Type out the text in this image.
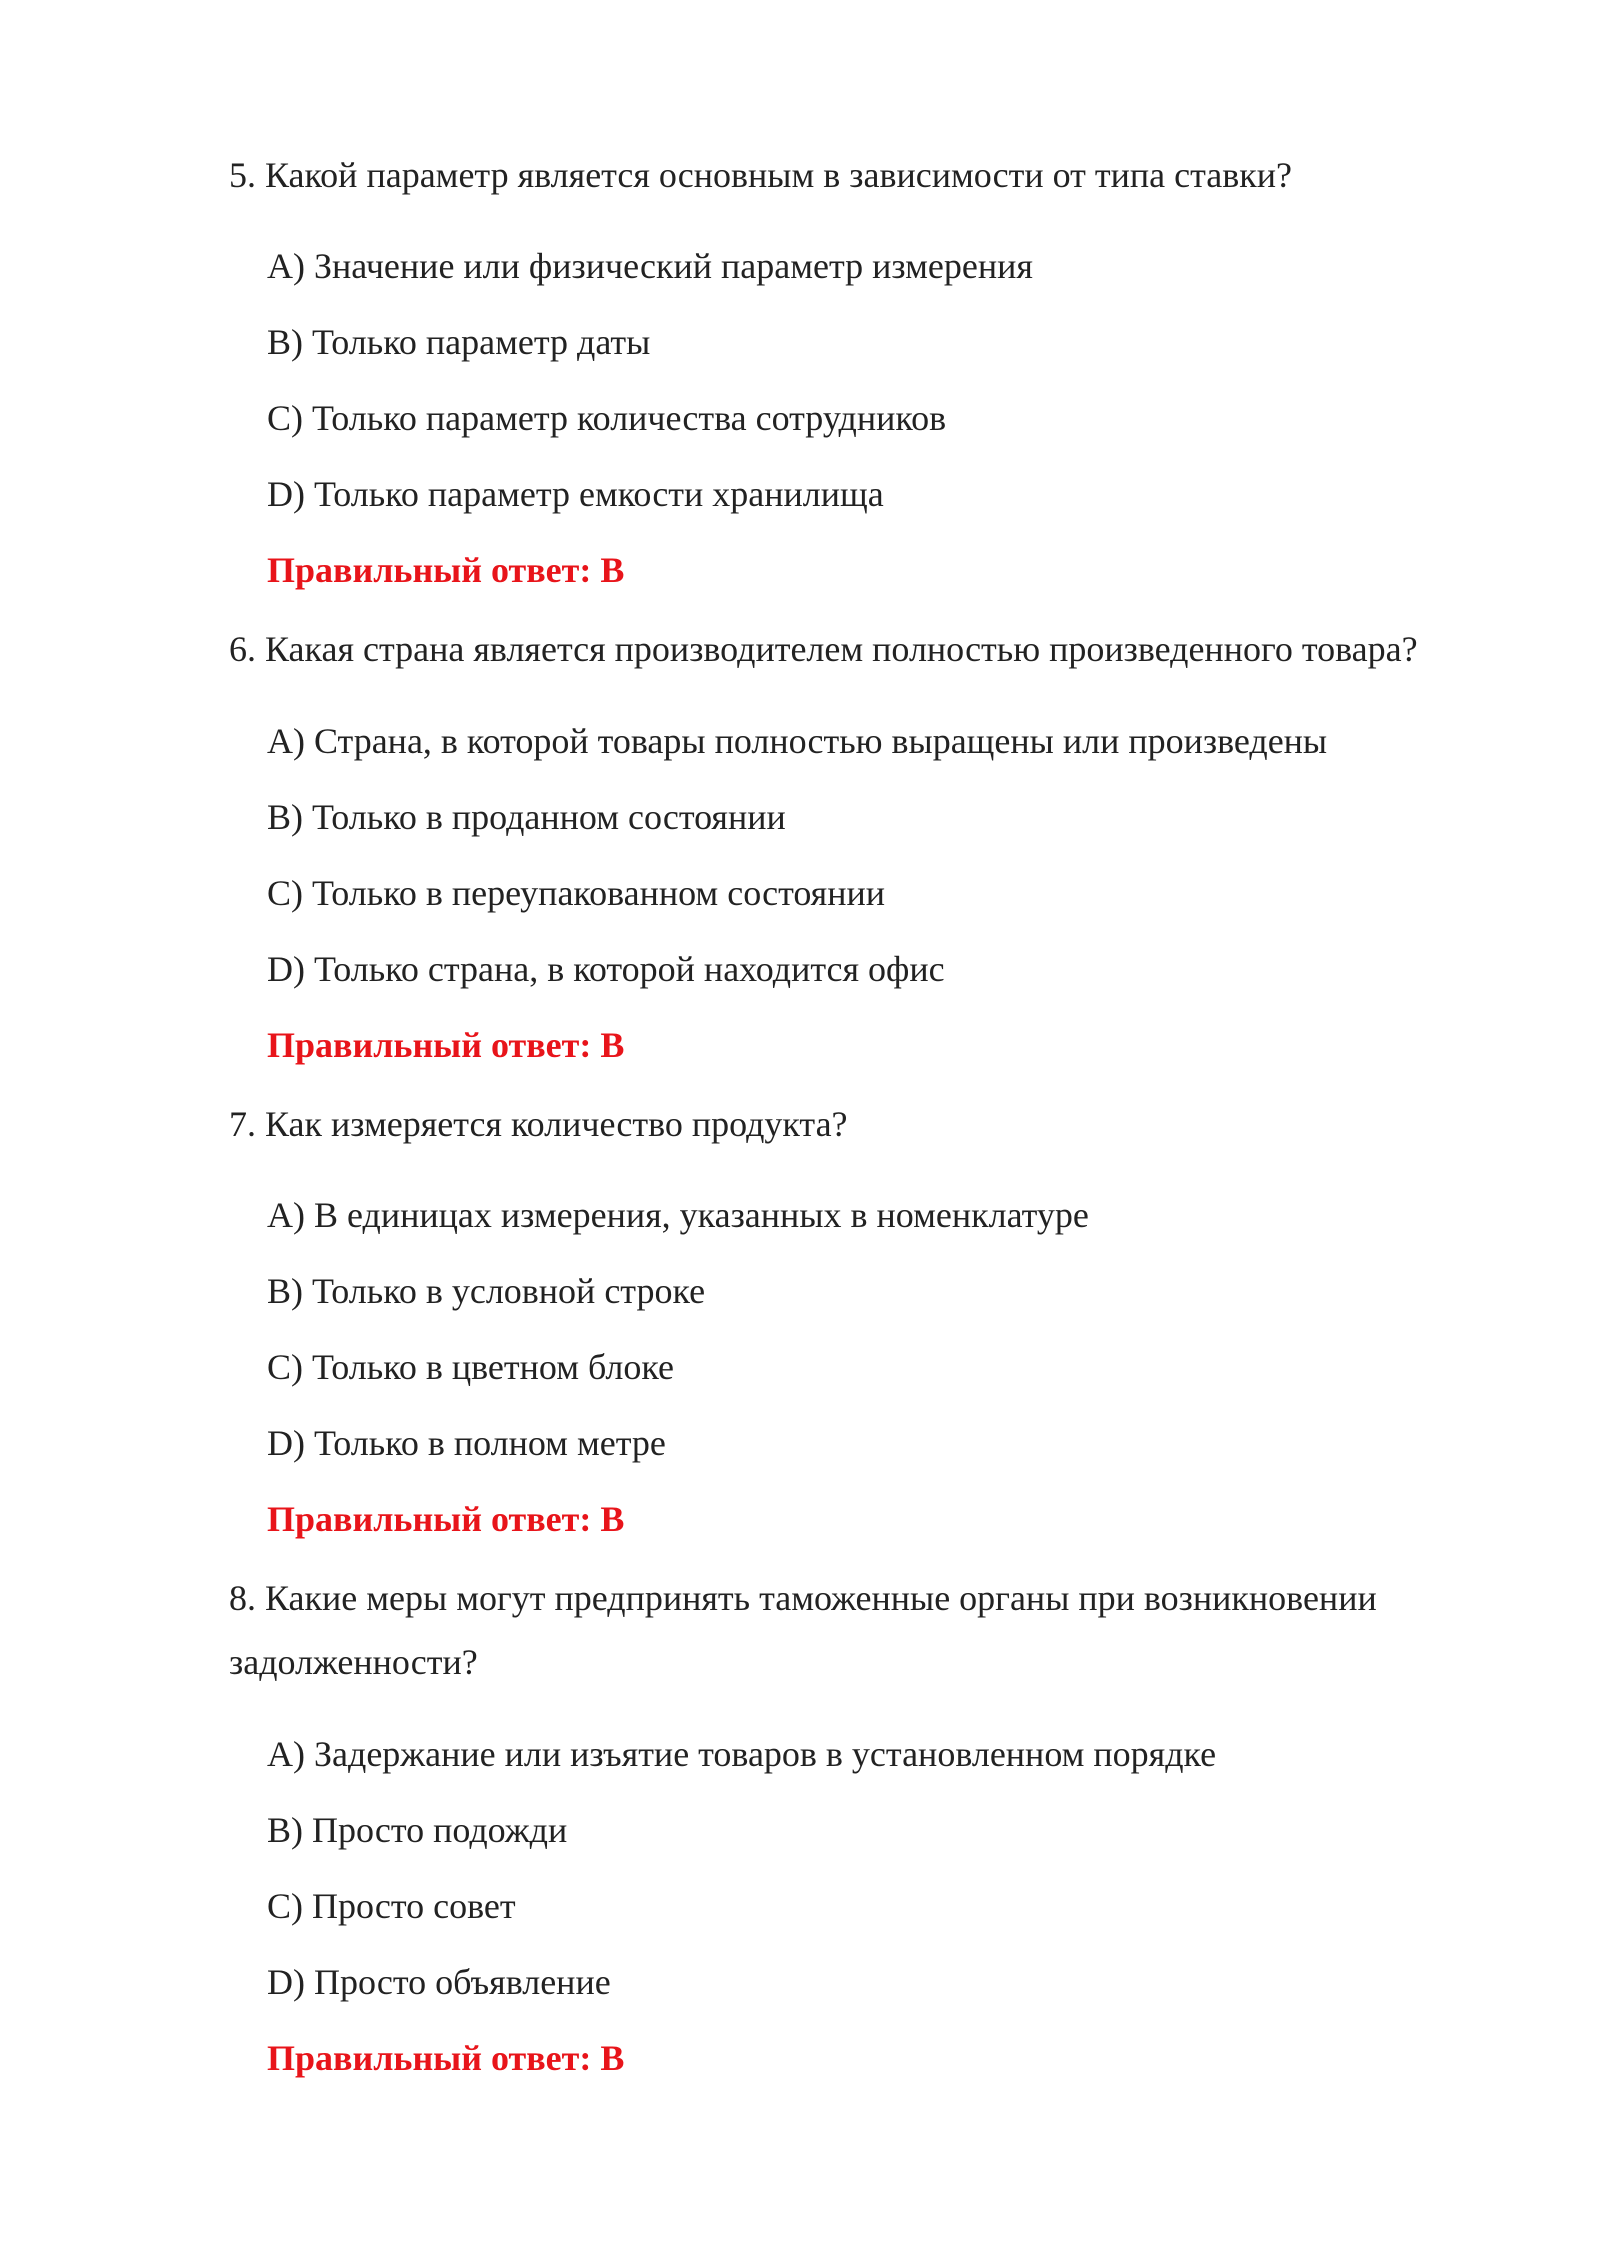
5. Какой параметр является основным в зависимости от типа ставки?
A) Значение или физический параметр измерения
B) Только параметр даты
C) Только параметр количества сотрудников
D) Только параметр емкости хранилища
Правильный ответ: B
6. Какая страна является производителем полностью произведенного товара?
A) Страна, в которой товары полностью выращены или произведены
B) Только в проданном состоянии
C) Только в переупакованном состоянии
D) Только страна, в которой находится офис
Правильный ответ: B
7. Как измеряется количество продукта?
A) В единицах измерения, указанных в номенклатуре
B) Только в условной строке
C) Только в цветном блоке
D) Только в полном метре
Правильный ответ: B
8. Какие меры могут предпринять таможенные органы при возникновении задолженности?
A) Задержание или изъятие товаров в установленном порядке
B) Просто подожди
C) Просто совет
D) Просто объявление
Правильный ответ: B
